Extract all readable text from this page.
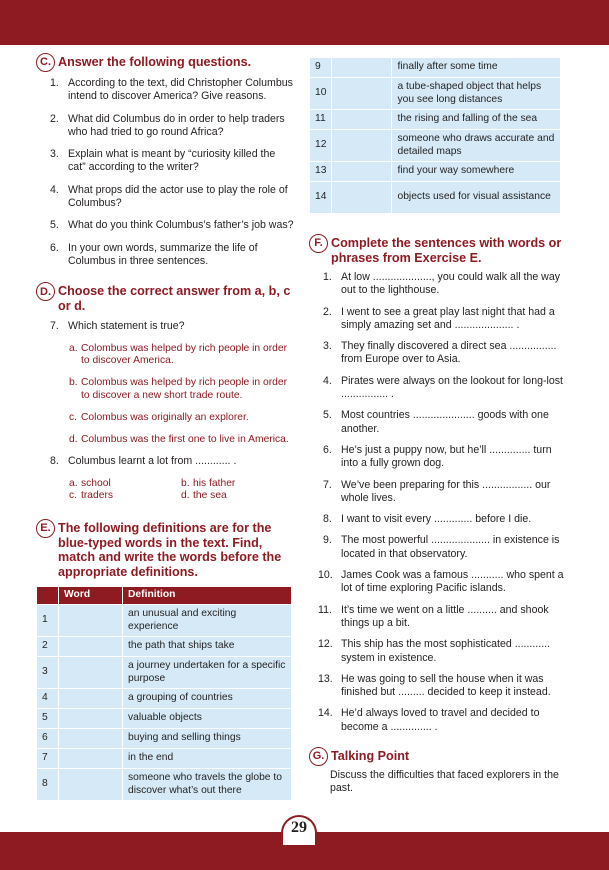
C. Answer the following questions.
1. According to the text, did Christopher Columbus intend to discover America? Give reasons.
2. What did Columbus do in order to help traders who had tried to go round Africa?
3. Explain what is meant by “curiosity killed the cat” according to the writer?
4. What props did the actor use to play the role of Columbus?
5. What do you think Columbus’s father’s job was?
6. In your own words, summarize the life of Columbus in three sentences.
D. Choose the correct answer from a, b, c or d.
7. Which statement is true?
a. Colombus was helped by rich people in order to discover America.
b. Colombus was helped by rich people in order to discover a new short trade route.
c. Colombus was originally an explorer.
d. Columbus was the first one to live in America.
8. Columbus learnt a lot from ............ .
a. school	b. his father
c. traders	d. the sea
E. The following definitions are for the blue-typed words in the text. Find, match and write the words before the appropriate definitions.
	Word	Definition
1		an unusual and exciting experience
2		the path that ships take
3		a journey undertaken for a specific purpose
4		a grouping of countries
5		valuable objects
6		buying and selling things
7		in the end
8		someone who travels the globe to discover what’s out there
9		finally after some time
10		a tube-shaped object that helps you see long distances
11		the rising and falling of the sea
12		someone who draws accurate and detailed maps
13		find your way somewhere
14		objects used for visual assistance
F. Complete the sentences with words or phrases from Exercise E.
1. At low ...................., you could walk all the way out to the lighthouse.
2. I went to see a great play last night that had a simply amazing set and .................... .
3. They finally discovered a direct sea ................ from Europe over to Asia.
4. Pirates were always on the lookout for long-lost ................ .
5. Most countries ..................... goods with one another.
6. He’s just a puppy now, but he’ll .............. turn into a fully grown dog.
7. We’ve been preparing for this ................. our whole lives.
8. I want to visit every ............. before I die.
9. The most powerful .................... in existence is located in that observatory.
10. James Cook was a famous ........... who spent a lot of time exploring Pacific islands.
11. It’s time we went on a little .......... and shook things up a bit.
12. This ship has the most sophisticated ............ system in existence.
13. He was going to sell the house when it was finished but ......... decided to keep it instead.
14. He’d always loved to travel and decided to become a .............. .
G. Talking Point

Discuss the difficulties that faced explorers in the past.

29
